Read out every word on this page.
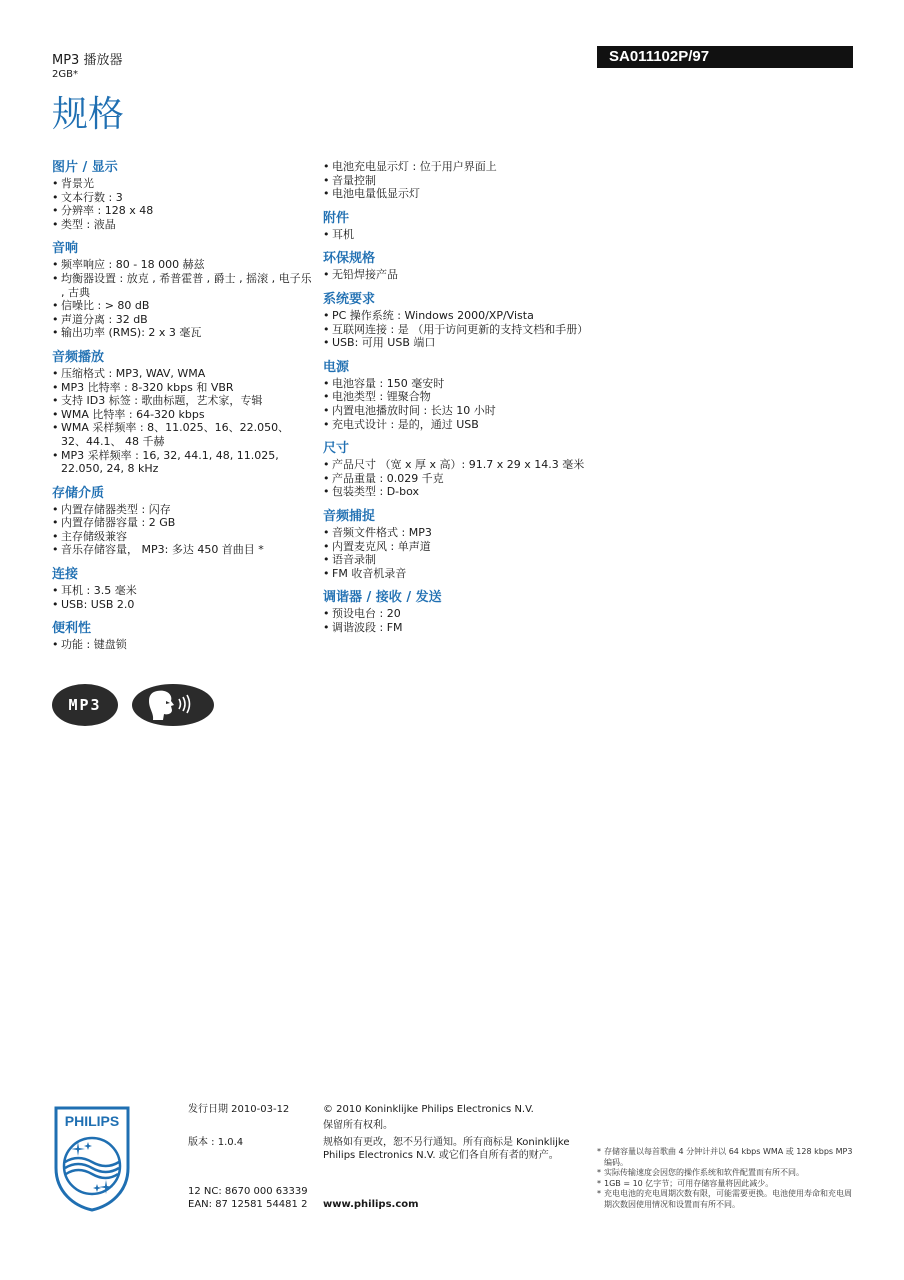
MP3 播放器
2GB*
SA011102P/97
规格
图片 / 显示
• 背景光
• 文本行数 : 3
• 分辨率 : 128 x 48
• 类型 : 液晶
音响
• 频率响应 : 80 - 18 000 赫兹
• 均衡器设置 : 放克 , 希普霍普 , 爵士 , 摇滚 , 电子乐 , 古典
• 信噪比 : > 80 dB
• 声道分离 : 32 dB
• 输出功率 (RMS): 2 x 3 毫瓦
音频播放
• 压缩格式 : MP3, WAV, WMA
• MP3 比特率 : 8-320 kbps 和 VBR
• 支持 ID3 标签 : 歌曲标题，艺术家，专辑
• WMA 比特率 : 64-320 kbps
• WMA 采样频率 : 8、11.025、16、22.050、32、44.1、 48 千赫
• MP3 采样频率 : 16, 32, 44.1, 48, 11.025, 22.050, 24, 8 kHz
存储介质
• 内置存储器类型 : 闪存
• 内置存储器容量 : 2 GB
• 主存储级兼容
• 音乐存储容量， MP3: 多达 450 首曲目 *
连接
• 耳机 : 3.5 毫米
• USB: USB 2.0
便利性
• 功能 : 键盘锁
• 电池充电显示灯 : 位于用户界面上
• 音量控制
• 电池电量低显示灯
附件
• 耳机
环保规格
• 无铅焊接产品
系统要求
• PC 操作系统 : Windows 2000/XP/Vista
• 互联网连接 : 是 （用于访问更新的支持文档和手册）
• USB: 可用 USB 端口
电源
• 电池容量 : 150 毫安时
• 电池类型 : 锂聚合物
• 内置电池播放时间 : 长达 10 小时
• 充电式设计 : 是的，通过 USB
尺寸
• 产品尺寸 （宽 x 厚 x 高）: 91.7 x 29 x 14.3 毫米
• 产品重量 : 0.029 千克
• 包装类型 : D-box
音频捕捉
• 音频文件格式 : MP3
• 内置麦克风 : 单声道
• 语音录制
• FM 收音机录音
调谐器 / 接收 / 发送
• 预设电台 : 20
• 调谐波段 : FM
MP3
PHILIPS
发行日期 2010-03-12
版本 : 1.0.4
12 NC: 8670 000 63339
EAN: 87 12581 54481 2
© 2010 Koninklijke Philips Electronics N.V.
保留所有权利。
规格如有更改，恕不另行通知。所有商标是 Koninklijke Philips Electronics N.V. 或它们各自所有者的财产。
www.philips.com
* 存储容量以每首歌曲 4 分钟计并以 64 kbps WMA 或 128 kbps MP3 编码。
* 实际传输速度会因您的操作系统和软件配置而有所不同。
* 1GB = 10 亿字节；可用存储容量将因此减少。
* 充电电池的充电周期次数有限，可能需要更换。电池使用寿命和充电周期次数因使用情况和设置而有所不同。
